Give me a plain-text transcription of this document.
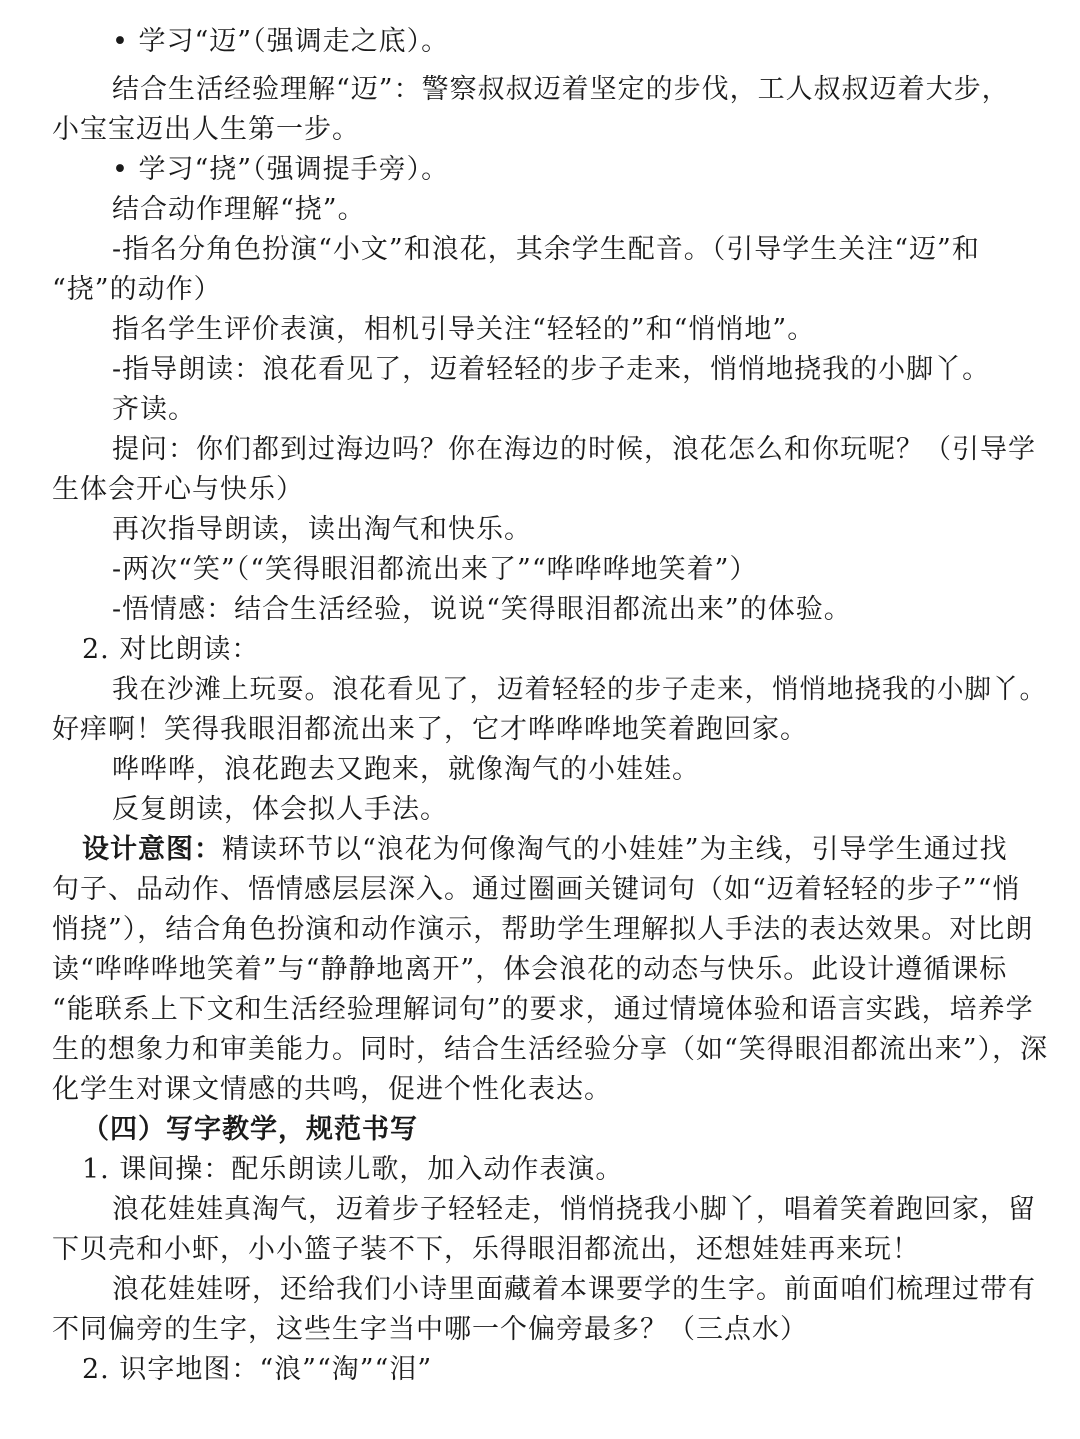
• 学习“迈”（强调走之底）。

结合生活经验理解“迈”：警察叔叔迈着坚定的步伐，工人叔叔迈着大步，

小宝宝迈出人生第一步。

• 学习“挠”（强调提手旁）。

结合动作理解“挠”。

-指名分角色扮演“小文”和浪花，其余学生配音。（引导学生关注“迈”和

“挠”的动作）

指名学生评价表演，相机引导关注“轻轻的”和“悄悄地”。

-指导朗读：浪花看见了，迈着轻轻的步子走来，悄悄地挠我的小脚丫。

齐读。

提问：你们都到过海边吗？你在海边的时候，浪花怎么和你玩呢？（引导学

生体会开心与快乐）

再次指导朗读，读出淘气和快乐。

-两次“笑”（“笑得眼泪都流出来了”“哗哗哗地笑着”）

-悟情感：结合生活经验，说说“笑得眼泪都流出来”的体验。

2. 对比朗读：

我在沙滩上玩耍。浪花看见了，迈着轻轻的步子走来，悄悄地挠我的小脚丫。

好痒啊！笑得我眼泪都流出来了，它才哗哗哗地笑着跑回家。

哗哗哗，浪花跑去又跑来，就像淘气的小娃娃。

反复朗读，体会拟人手法。

设计意图：精读环节以“浪花为何像淘气的小娃娃”为主线，引导学生通过找

句子、品动作、悟情感层层深入。通过圈画关键词句（如“迈着轻轻的步子”“悄

悄挠”），结合角色扮演和动作演示，帮助学生理解拟人手法的表达效果。对比朗

读“哗哗哗地笑着”与“静静地离开”，体会浪花的动态与快乐。此设计遵循课标

“能联系上下文和生活经验理解词句”的要求，通过情境体验和语言实践，培养学

生的想象力和审美能力。同时，结合生活经验分享（如“笑得眼泪都流出来”），深

化学生对课文情感的共鸣，促进个性化表达。

（四）写字教学，规范书写

1. 课间操：配乐朗读儿歌，加入动作表演。

浪花娃娃真淘气，迈着步子轻轻走，悄悄挠我小脚丫，唱着笑着跑回家，留

下贝壳和小虾，小小篮子装不下，乐得眼泪都流出，还想娃娃再来玩！

浪花娃娃呀，还给我们小诗里面藏着本课要学的生字。前面咱们梳理过带有

不同偏旁的生字，这些生字当中哪一个偏旁最多？（三点水）

2. 识字地图：“浪”“淘”“泪”
